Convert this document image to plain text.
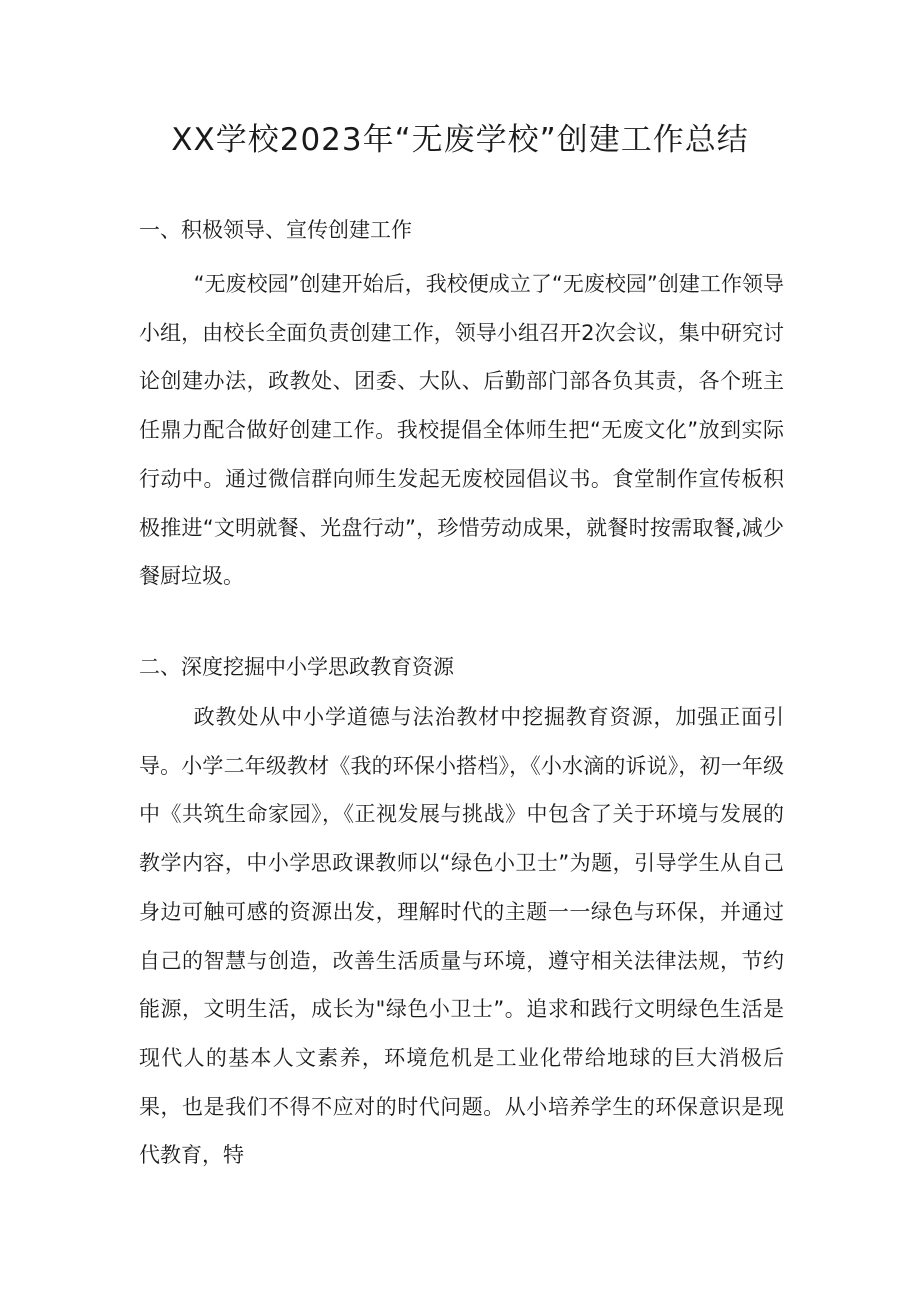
XX学校2023年“无废学校”创建工作总结
一、积极领导、宣传创建工作

“无废校园”创建开始后，我校便成立了“无废校园”创建工作领导小组，由校长全面负责创建工作，领导小组召开2次会议，集中研究讨论创建办法，政教处、团委、大队、后勤部门部各负其责，各个班主任鼎力配合做好创建工作。我校提倡全体师生把“无废文化”放到实际行动中。通过微信群向师生发起无废校园倡议书。食堂制作宣传板积极推进“文明就餐、光盘行动”，珍惜劳动成果，就餐时按需取餐,减少餐厨垃圾。

二、深度挖掘中小学思政教育资源

政教处从中小学道德与法治教材中挖掘教育资源，加强正面引导。小学二年级教材《我的环保小搭档》，《小水滴的诉说》，初一年级中《共筑生命家园》，《正视发展与挑战》中包含了关于环境与发展的教学内容，中小学思政课教师以“绿色小卫士”为题，引导学生从自己身边可触可感的资源出发，理解时代的主题一一绿色与环保，并通过自己的智慧与创造，改善生活质量与环境，遵守相关法律法规，节约能源，文明生活，成长为"绿色小卫士”。追求和践行文明绿色生活是现代人的基本人文素养，环境危机是工业化带给地球的巨大消极后果，也是我们不得不应对的时代问题。从小培养学生的环保意识是现代教育，特
